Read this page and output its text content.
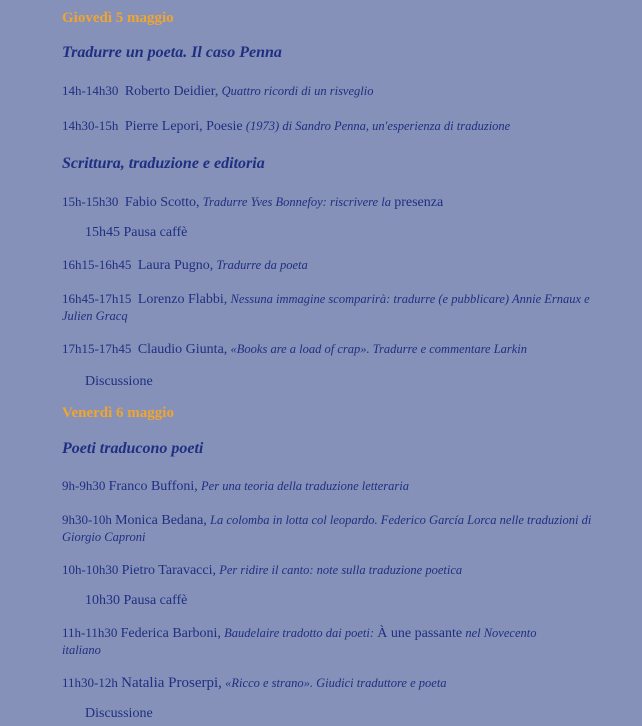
Giovedì 5 maggio
Tradurre un poeta. Il caso Penna
14h-14h30 Roberto Deidier, Quattro ricordi di un risveglio
14h30-15h Pierre Lepori, Poesie (1973) di Sandro Penna, un'esperienza di traduzione
Scrittura, traduzione e editoria
15h-15h30 Fabio Scotto, Tradurre Yves Bonnefoy: riscrivere la presenza
15h45 Pausa caffè
16h15-16h45 Laura Pugno, Tradurre da poeta
16h45-17h15 Lorenzo Flabbi, Nessuna immagine scomparirà: tradurre (e pubblicare) Annie Ernaux e Julien Gracq
17h15-17h45 Claudio Giunta, «Books are a load of crap». Tradurre e commentare Larkin
Discussione
Venerdì 6 maggio
Poeti traducono poeti
9h-9h30 Franco Buffoni, Per una teoria della traduzione letteraria
9h30-10h Monica Bedana, La colomba in lotta col leopardo. Federico García Lorca nelle traduzioni di Giorgio Caproni
10h-10h30 Pietro Taravacci, Per ridire il canto: note sulla traduzione poetica
10h30 Pausa caffè
11h-11h30 Federica Barboni, Baudelaire tradotto dai poeti: À une passante nel Novecento italiano
11h30-12h Natalia Proserpi, «Ricco e strano». Giudici traduttore e poeta
Discussione
